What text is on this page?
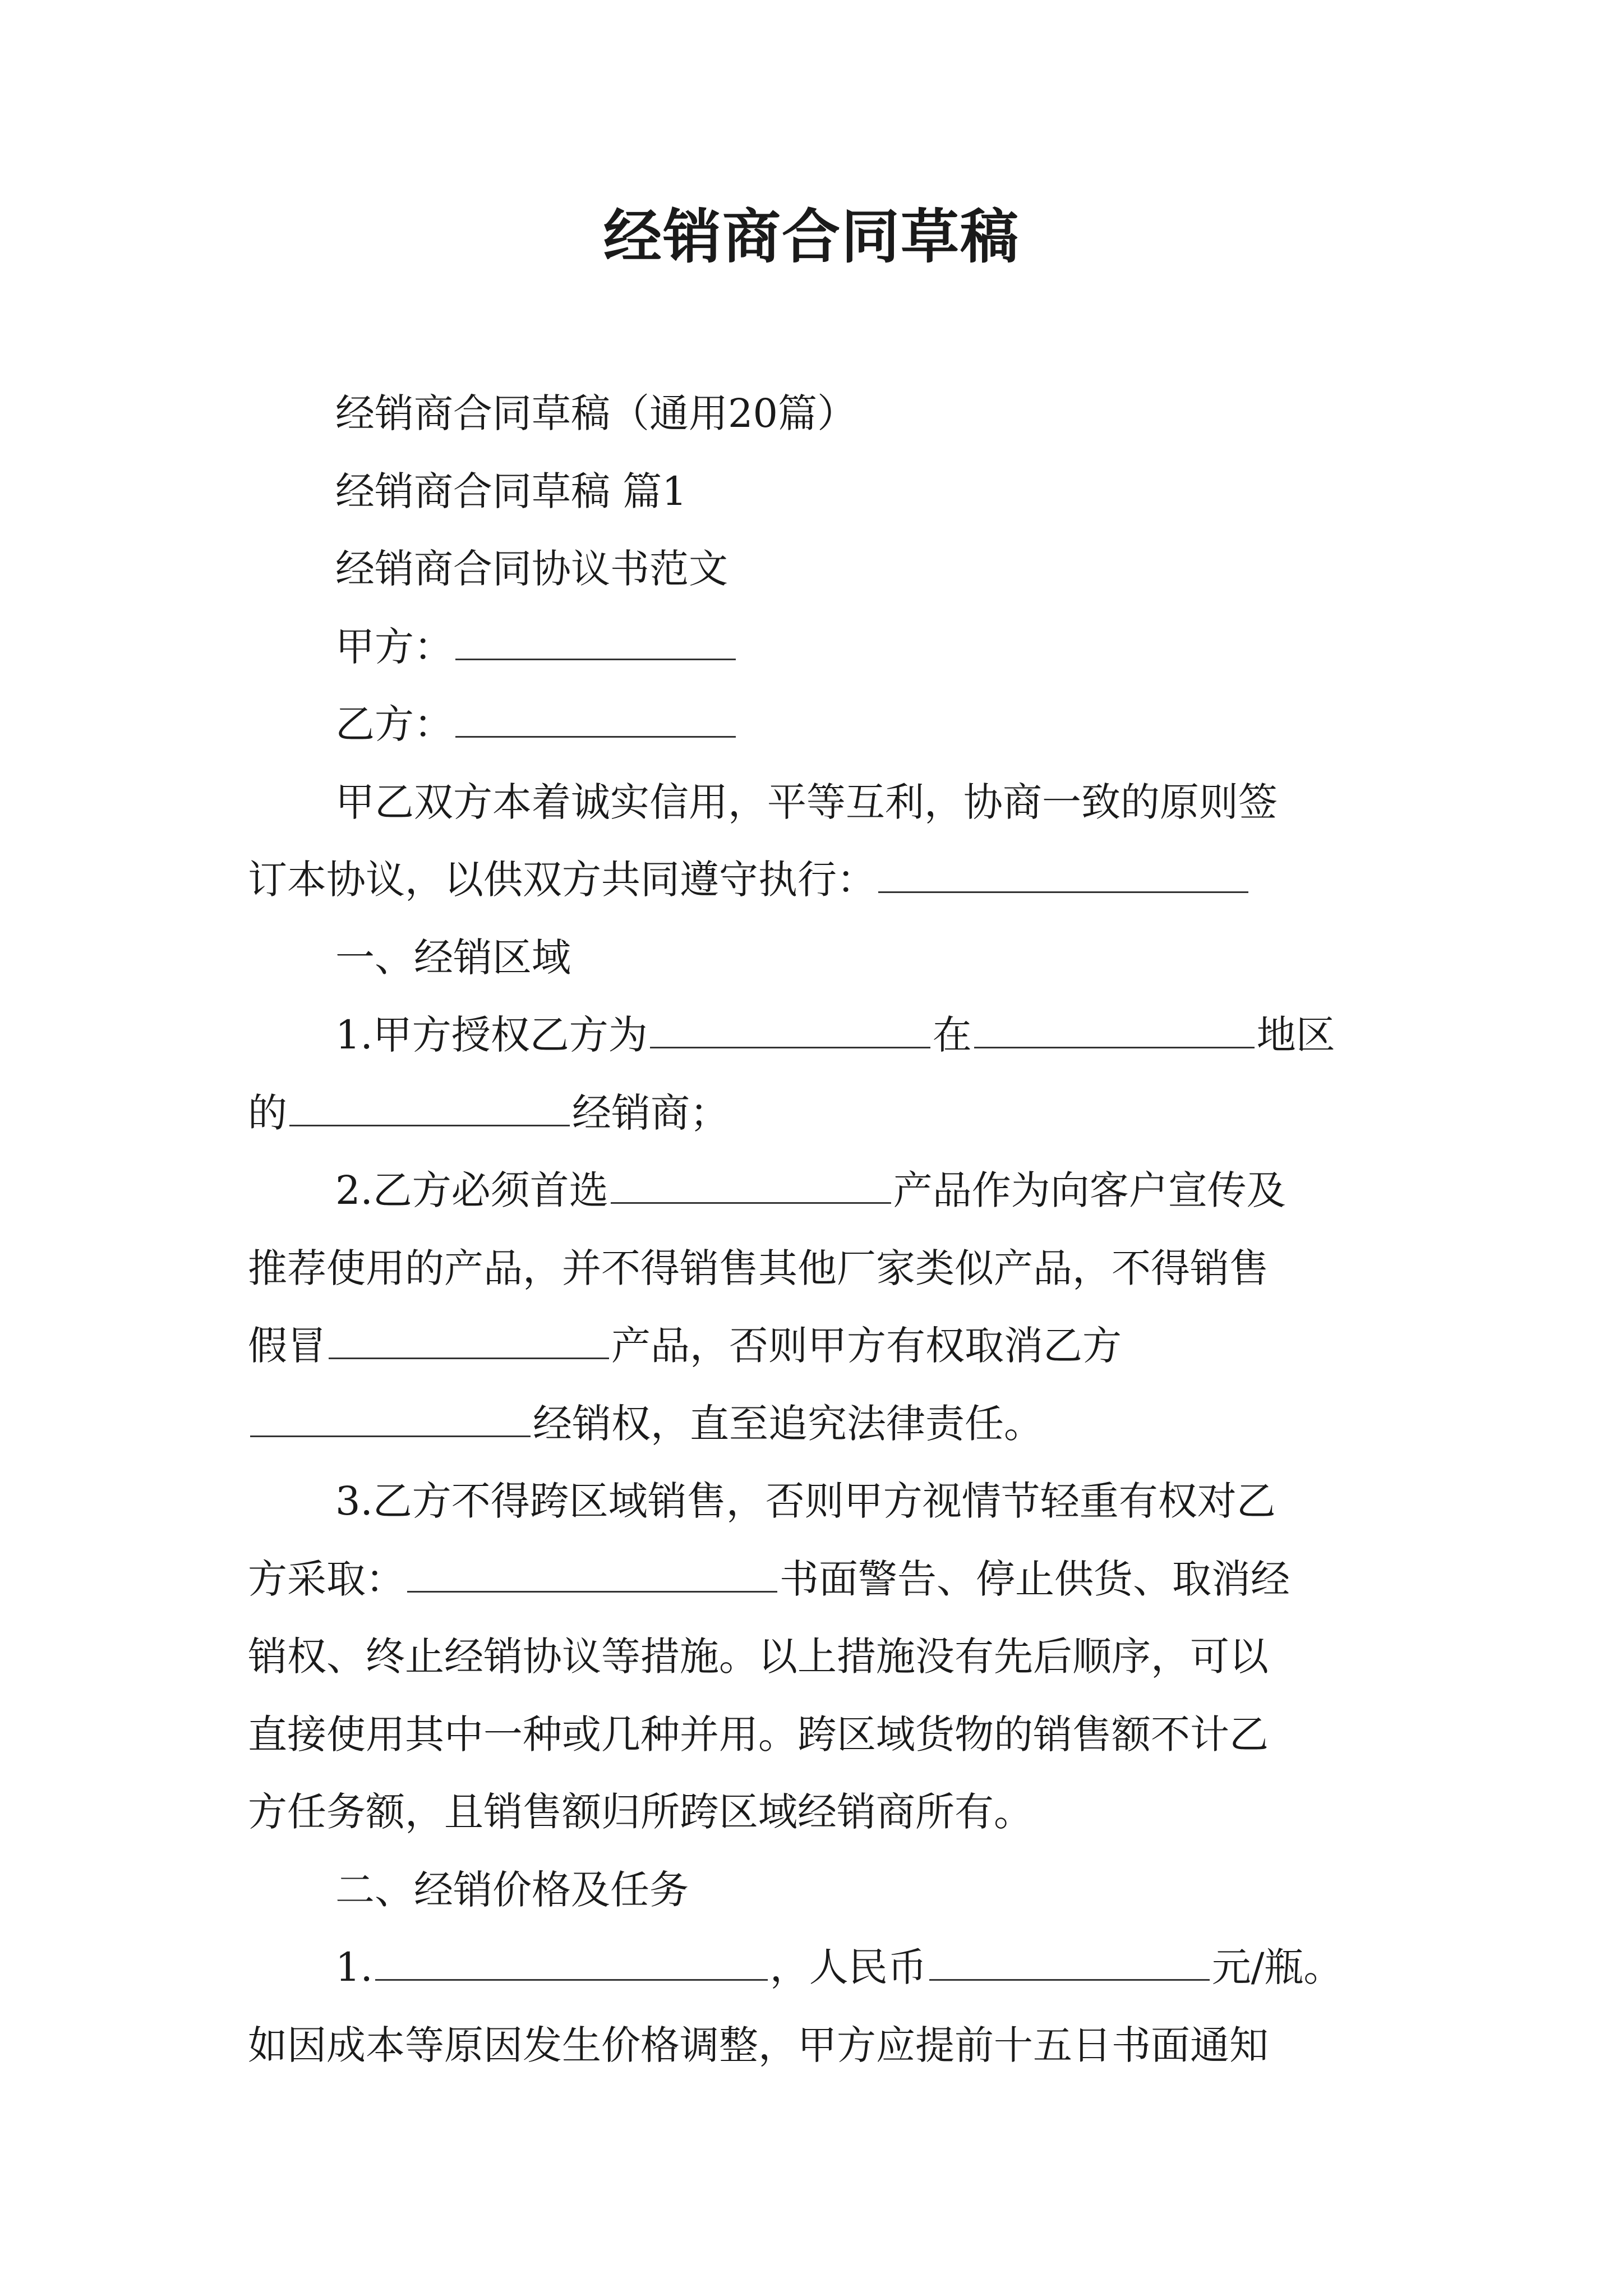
经销商合同草稿
经销商合同草稿（通用20篇）
经销商合同草稿 篇1
经销商合同协议书范文
甲方：
乙方：
甲乙双方本着诚实信用，平等互利，协商一致的原则签
订本协议，以供双方共同遵守执行：
一、经销区域
1.甲方授权乙方为	在	地区
的	经销商；
2.乙方必须首选	产品作为向客户宣传及
推荐使用的产品，并不得销售其他厂家类似产品，不得销售
假冒	产品，否则甲方有权取消乙方
经销权，直至追究法律责任。
3.乙方不得跨区域销售，否则甲方视情节轻重有权对乙
方采取：	书面警告、停止供货、取消经
销权、终止经销协议等措施。以上措施没有先后顺序，可以
直接使用其中一种或几种并用。跨区域货物的销售额不计乙
方任务额，且销售额归所跨区域经销商所有。
二、经销价格及任务
1.	，人民币	元/瓶。
如因成本等原因发生价格调整，甲方应提前十五日书面通知
